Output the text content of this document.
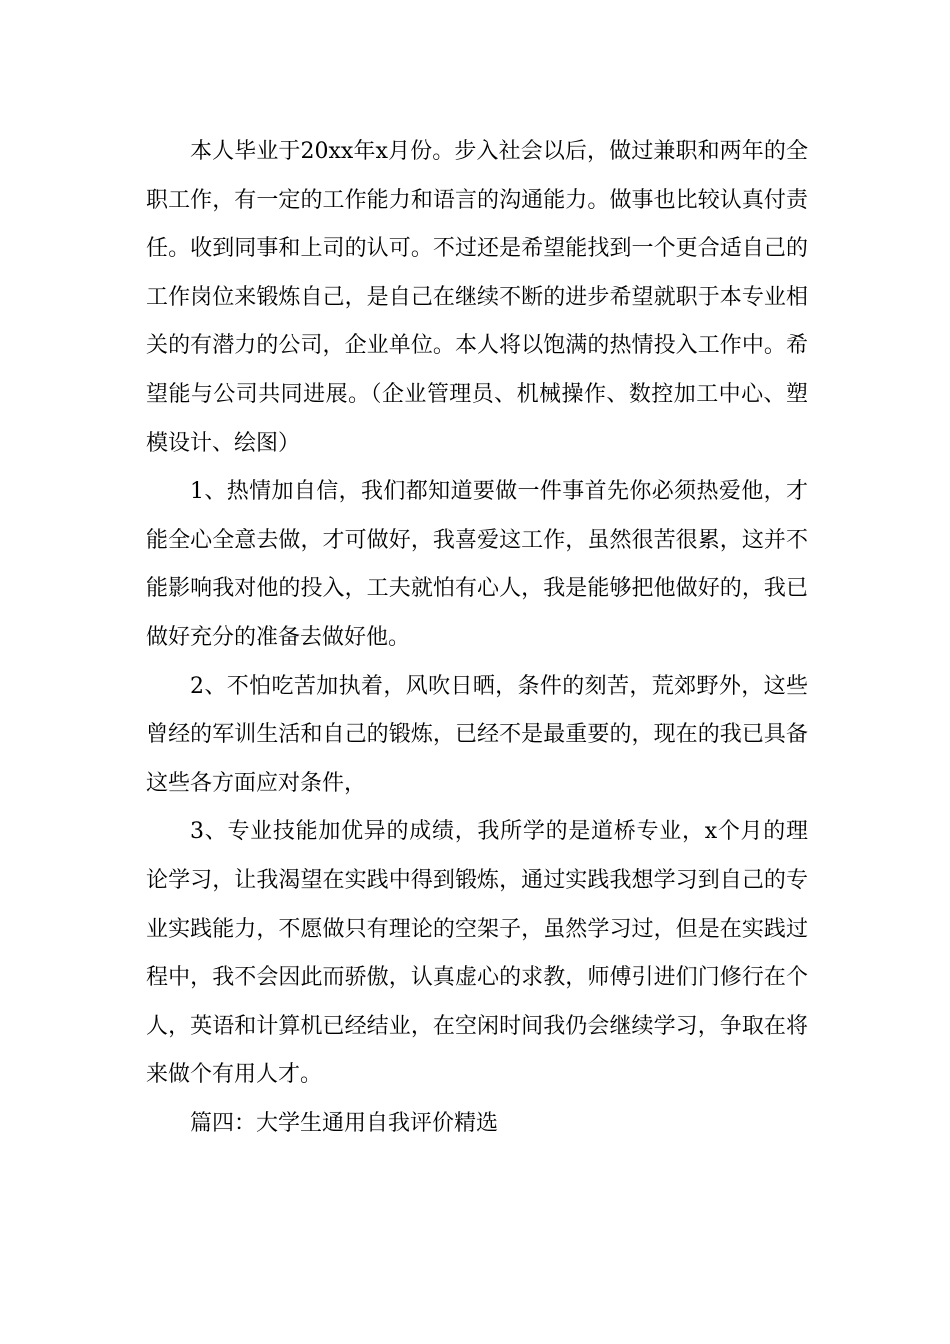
本人毕业于20xx年x月份。步入社会以后，做过兼职和两年的全职工作，有一定的工作能力和语言的沟通能力。做事也比较认真付责任。收到同事和上司的认可。不过还是希望能找到一个更合适自己的工作岗位来锻炼自己，是自己在继续不断的进步希望就职于本专业相关的有潜力的公司，企业单位。本人将以饱满的热情投入工作中。希望能与公司共同进展。（企业管理员、机械操作、数控加工中心、塑模设计、绘图）

1、热情加自信，我们都知道要做一件事首先你必须热爱他，才能全心全意去做，才可做好，我喜爱这工作，虽然很苦很累，这并不能影响我对他的投入，工夫就怕有心人，我是能够把他做好的，我已做好充分的准备去做好他。

2、不怕吃苦加执着，风吹日晒，条件的刻苦，荒郊野外，这些曾经的军训生活和自己的锻炼，已经不是最重要的，现在的我已具备这些各方面应对条件，

3、专业技能加优异的成绩，我所学的是道桥专业，x个月的理论学习，让我渴望在实践中得到锻炼，通过实践我想学习到自己的专业实践能力，不愿做只有理论的空架子，虽然学习过，但是在实践过程中，我不会因此而骄傲，认真虚心的求教，师傅引进们门修行在个人，英语和计算机已经结业，在空闲时间我仍会继续学习，争取在将来做个有用人才。

篇四：大学生通用自我评价精选
